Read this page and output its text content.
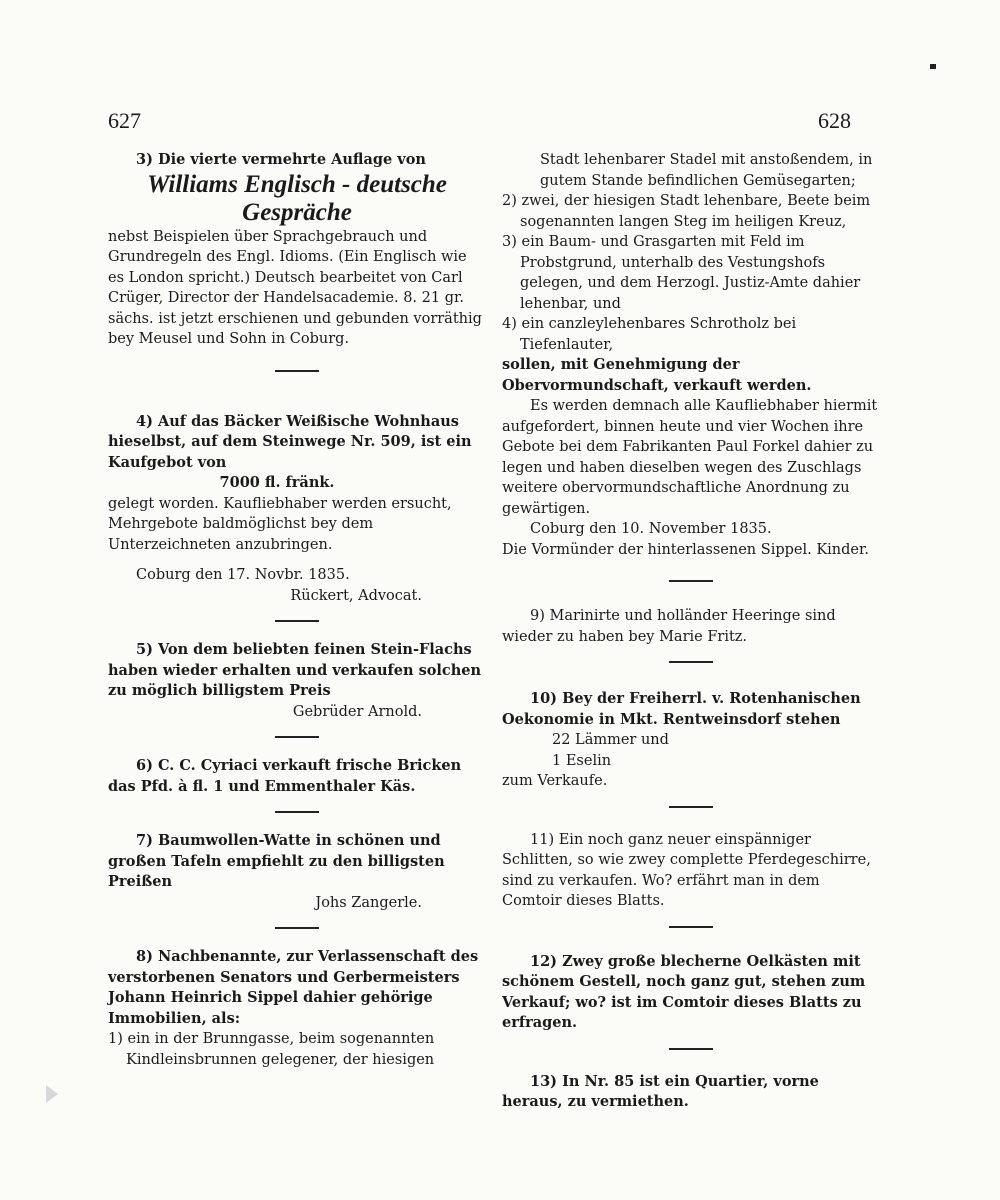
627	628

3) Die vierte vermehrte Auflage von

Williams Englisch - deutsche

Gespräche

nebst Beispielen über Sprachgebrauch und Grundregeln des Engl. Idioms. (Ein Englisch wie es London spricht.) Deutsch bearbeitet von Carl Crüger, Director der Handelsacademie. 8. 21 gr. sächs. ist jetzt erschienen und gebunden vorräthig bey Meusel und Sohn in Coburg.

4) Auf das Bäcker Weißische Wohnhaus hieselbst, auf dem Steinwege Nr. 509, ist ein Kaufgebot von

7000 fl. fränk.

gelegt worden. Kaufliebhaber werden ersucht, Mehrgebote baldmöglichst bey dem Unterzeichneten anzubringen.

Coburg den 17. Novbr. 1835.

Rückert, Advocat.

5) Von dem beliebten feinen Stein-Flachs haben wieder erhalten und verkaufen solchen zu möglich billigstem Preis

Gebrüder Arnold.

6) C. C. Cyriaci verkauft frische Bricken das Pfd. à fl. 1 und Emmenthaler Käs.

7) Baumwollen-Watte in schönen und großen Tafeln empfiehlt zu den billigsten Preißen

Johs Zangerle.

8) Nachbenannte, zur Verlassenschaft des verstorbenen Senators und Gerbermeisters Johann Heinrich Sippel dahier gehörige Immobilien, als:

1) ein in der Brunngasse, beim sogenannten Kindleinsbrunnen gelegener, der hiesigen

Stadt lehenbarer Stadel mit anstoßendem, in gutem Stande befindlichen Gemüsegarten;

2) zwei, der hiesigen Stadt lehenbare, Beete beim sogenannten langen Steg im heiligen Kreuz,

3) ein Baum- und Grasgarten mit Feld im Probstgrund, unterhalb des Vestungshofs gelegen, und dem Herzogl. Justiz-Amte dahier lehenbar, und

4) ein canzleylehenbares Schrotholz bei Tiefenlauter,

sollen, mit Genehmigung der Obervormundschaft, verkauft werden.

Es werden demnach alle Kaufliebhaber hiermit aufgefordert, binnen heute und vier Wochen ihre Gebote bei dem Fabrikanten Paul Forkel dahier zu legen und haben dieselben wegen des Zuschlags weitere obervormundschaftliche Anordnung zu gewärtigen.

Coburg den 10. November 1835.

Die Vormünder der hinterlassenen Sippel. Kinder.

9) Marinirte und holländer Heeringe sind wieder zu haben bey Marie Fritz.

10) Bey der Freiherrl. v. Rotenhanischen Oekonomie in Mkt. Rentweinsdorf stehen

22 Lämmer und

1 Eselin

zum Verkaufe.

11) Ein noch ganz neuer einspänniger Schlitten, so wie zwey complette Pferdegeschirre, sind zu verkaufen. Wo? erfährt man in dem Comtoir dieses Blatts.

12) Zwey große blecherne Oelkästen mit schönem Gestell, noch ganz gut, stehen zum Verkauf; wo? ist im Comtoir dieses Blatts zu erfragen.

13) In Nr. 85 ist ein Quartier, vorne heraus, zu vermiethen.
